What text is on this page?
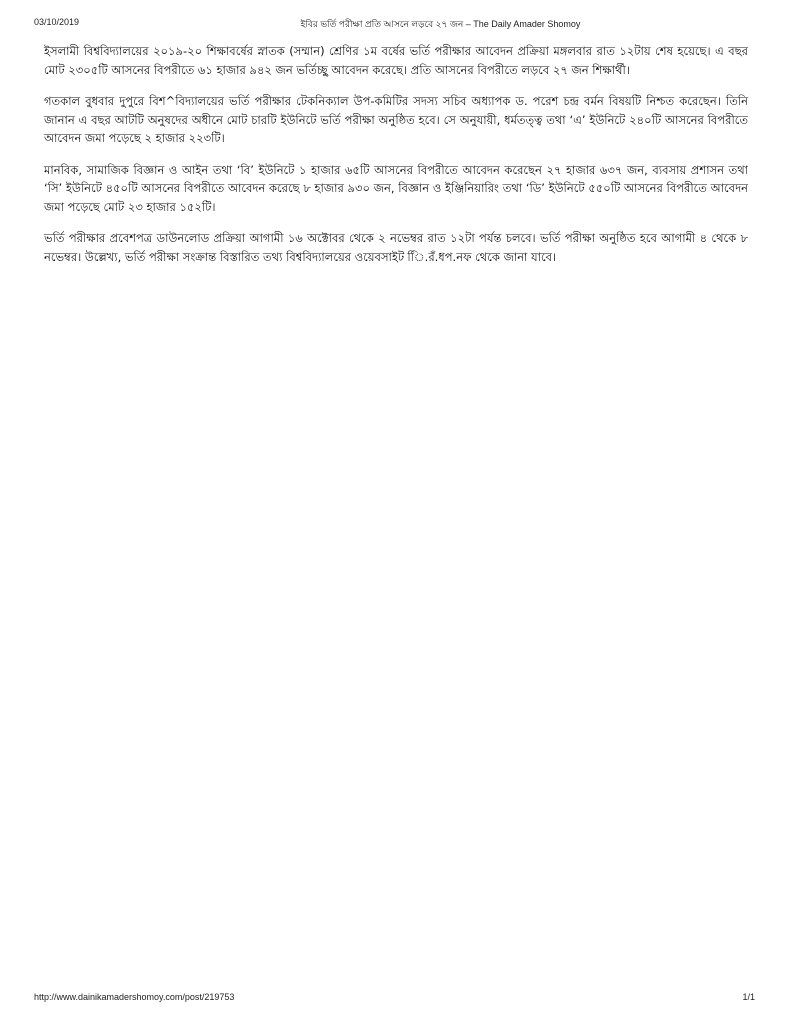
03/10/2019	ইবির ভর্তি পরীক্ষা প্রতি আসনে লড়বে ২৭ জন – The Daily Amader Shomoy

ইসলামী বিশ্ববিদ্যালয়ের ২০১৯-২০ শিক্ষাবর্ষের স্নাতক (সম্মান) শ্রেণির ১ম বর্ষের ভর্তি পরীক্ষার আবেদন প্রক্রিয়া মঙ্গলবার রাত ১২টায় শেষ হয়েছে। এ বছর মোট ২৩০৫টি আসনের বিপরীতে ৬১ হাজার ৯৪২ জন ভর্তিচ্ছু আবেদন করেছে। প্রতি আসনের বিপরীতে লড়বে ২৭ জন শিক্ষার্থী।

গতকাল বুধবার দুপুরে বিশ^বিদ্যালয়ের ভর্তি পরীক্ষার টেকনিক্যাল উপ-কমিটির সদস্য সচিব অধ্যাপক ড. পরেশ চন্দ্র বর্মন বিষয়টি নিশ্চত করেছেন। তিনি জানান এ বছর আটটি অনুষদের অধীনে মোট চারটি ইউনিটে ভর্তি পরীক্ষা অনুষ্ঠিত হবে। সে অনুযায়ী, ধর্মতত্ত্ব তথা ‘এ’ ইউনিটে ২৪০টি আসনের বিপরীতে আবেদন জমা পড়েছে ২ হাজার ২২৩টি।

মানবিক, সামাজিক বিজ্ঞান ও আইন তথা ‘বি’ ইউনিটে ১ হাজার ৬৫টি আসনের বিপরীতে আবেদন করেছেন ২৭ হাজার ৬৩৭ জন, ব্যবসায় প্রশাসন তথা ‘সি’ ইউনিটে ৪৫০টি আসনের বিপরীতে আবেদন করেছে ৮ হাজার ৯৩০ জন, বিজ্ঞান ও ইঞ্জিনিয়ারিং তথা ‘ডি’ ইউনিটে ৫৫০টি আসনের বিপরীতে আবেদন জমা পড়েছে মোট ২৩ হাজার ১৫২টি।

ভর্তি পরীক্ষার প্রবেশপত্র ডাউনলোড প্রক্রিয়া আগামী ১৬ অক্টোবর থেকে ২ নভেম্বর রাত ১২টা পর্যন্ত চলবে। ভর্তি পরীক্ষা অনুষ্ঠিত হবে আগামী ৪ থেকে ৮ নভেম্বর। উল্লেখ্য, ভর্তি পরীক্ষা সংক্রান্ত বিস্তারিত তথ্য বিশ্ববিদ্যালয়ের ওয়েবসাইট িি.রঁ.ধপ.নফ থেকে জানা যাবে।

http://www.dainikamadershomoy.com/post/219753	1/1
